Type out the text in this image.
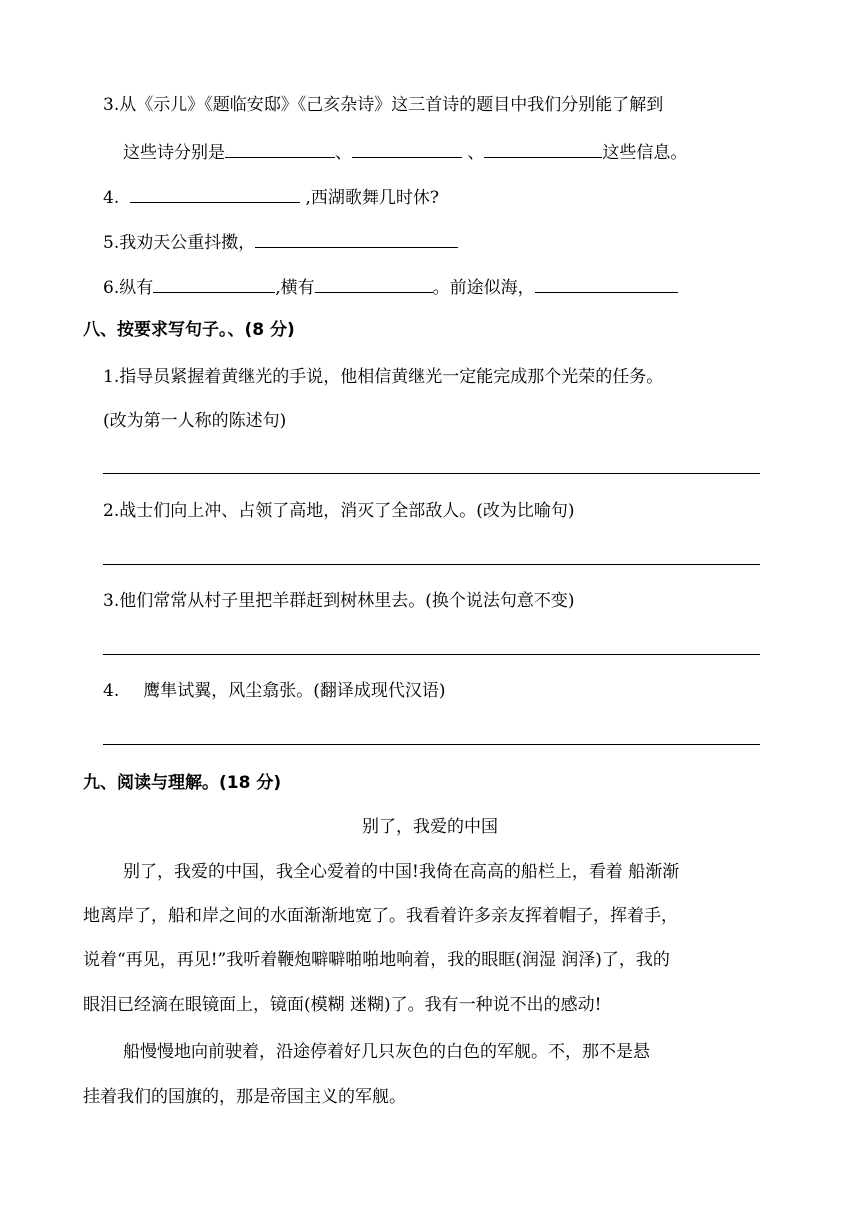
3.从《示儿》《题临安邸》《己亥杂诗》这三首诗的题目中我们分别能了解到
这些诗分别是	、	、	这些信息。
4.	,西湖歌舞几时休?
5.我劝天公重抖擞，
6.纵有	,横有	。前途似海，
八、按要求写句子。、(8 分)
1.指导员紧握着黄继光的手说，他相信黄继光一定能完成那个光荣的任务。
(改为第一人称的陈述句)
2.战士们向上冲、占领了高地，消灭了全部敌人。(改为比喻句)
3.他们常常从村子里把羊群赶到树林里去。(换个说法句意不变)
4. 鹰隼试翼，风尘翕张。(翻译成现代汉语)
九、阅读与理解。(18 分)
别了，我爱的中国
别了，我爱的中国，我全心爱着的中国!我倚在高高的船栏上，看着 船渐渐
地离岸了，船和岸之间的水面渐渐地宽了。我看着许多亲友挥着帽子，挥着手，
说着“再见，再见!”我听着鞭炮噼噼啪啪地响着，我的眼眶(润湿 润泽)了，我的
眼泪已经滴在眼镜面上，镜面(模糊 迷糊)了。我有一种说不出的感动!
船慢慢地向前驶着，沿途停着好几只灰色的白色的军舰。不，那不是悬
挂着我们的国旗的，那是帝国主义的军舰。
